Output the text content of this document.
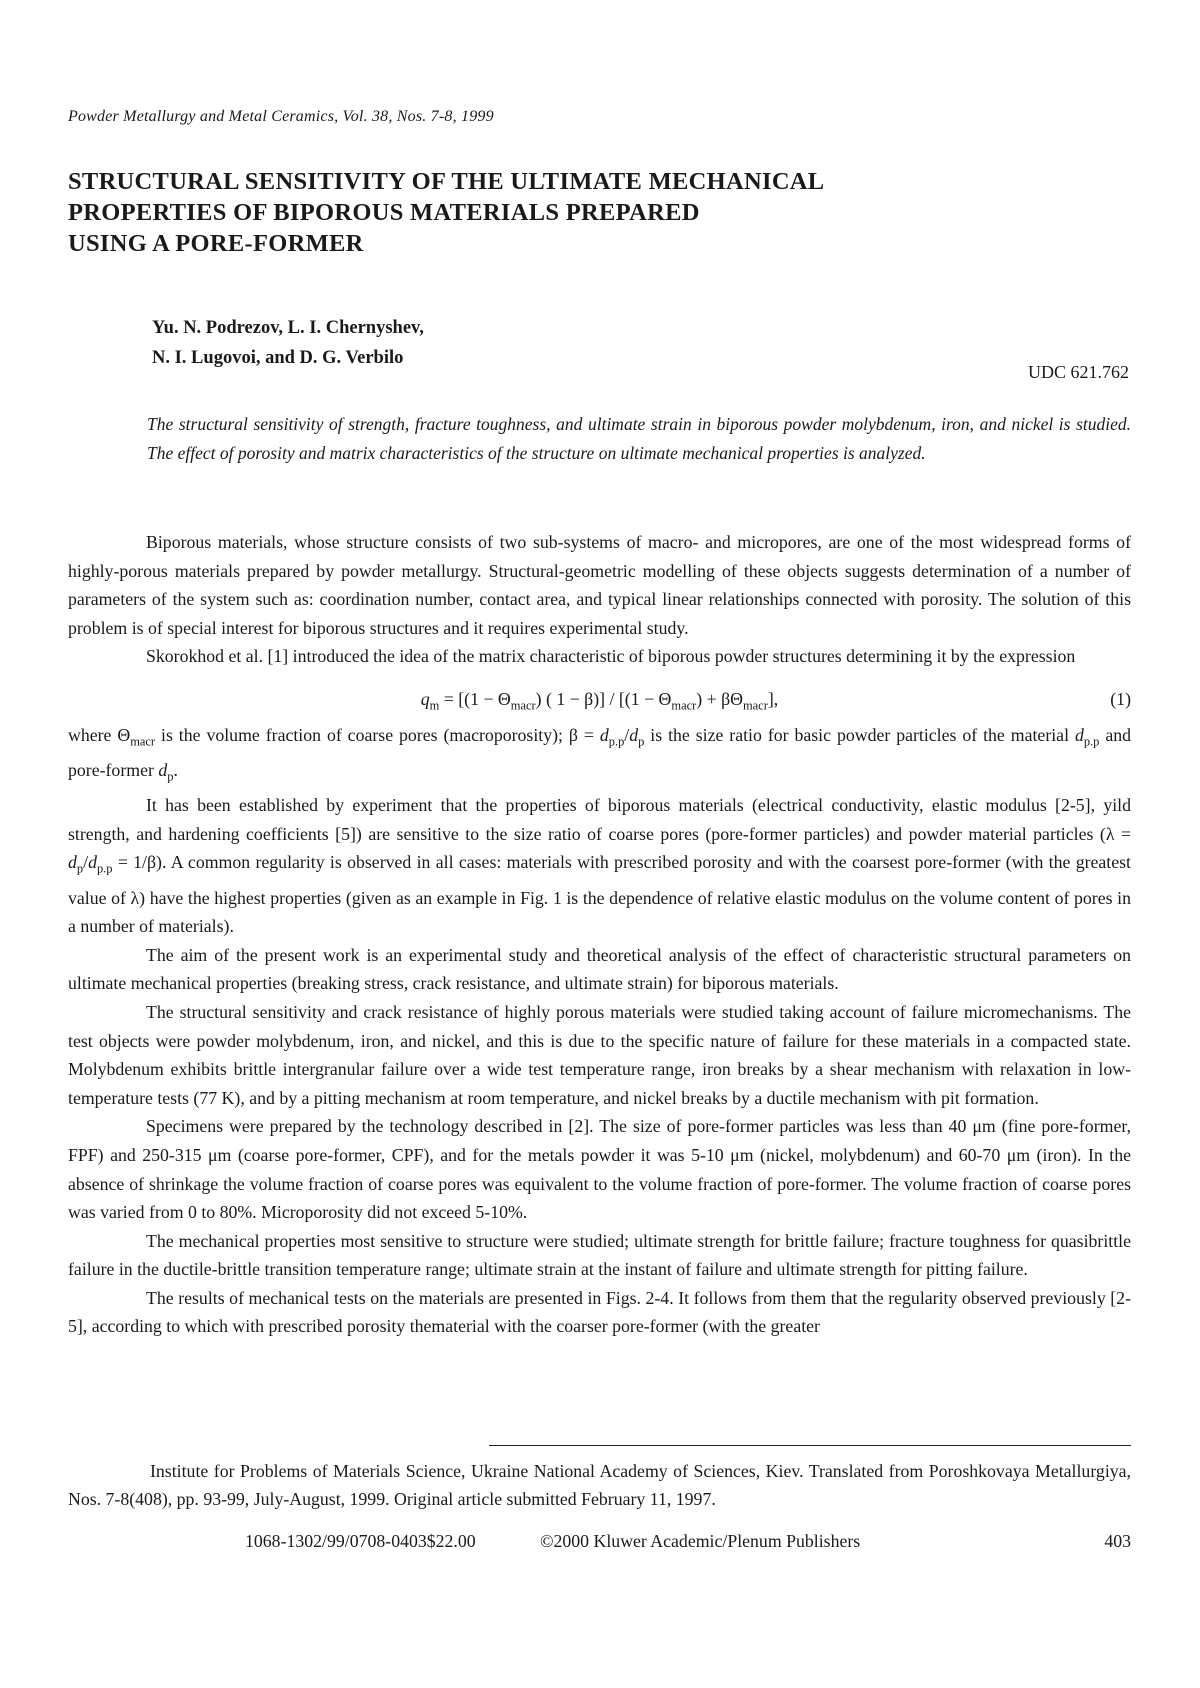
Powder Metallurgy and Metal Ceramics, Vol. 38, Nos. 7-8, 1999
STRUCTURAL SENSITIVITY OF THE ULTIMATE MECHANICAL
PROPERTIES OF BIPOROUS MATERIALS PREPARED
USING A PORE-FORMER
Yu. N. Podrezov, L. I. Chernyshev,
N. I. Lugovoi, and D. G. Verbilo
UDC 621.762

The structural sensitivity of strength, fracture toughness, and ultimate strain in biporous powder molybdenum, iron, and nickel is studied. The effect of porosity and matrix characteristics of the structure on ultimate mechanical properties is analyzed.

Biporous materials, whose structure consists of two sub-systems of macro- and micropores, are one of the most widespread forms of highly-porous materials prepared by powder metallurgy. Structural-geometric modelling of these objects suggests determination of a number of parameters of the system such as: coordination number, contact area, and typical linear relationships connected with porosity. The solution of this problem is of special interest for biporous structures and it requires experimental study.

Skorokhod et al. [1] introduced the idea of the matrix characteristic of biporous powder structures determining it by the expression

$q_m = [(1 - \Theta_{macr})$ ( $1 - \beta)] / [(1 - \Theta_{macr}) + \beta\Theta_{macr}]$,	(1)

where $\Theta_{macr}$ is the volume fraction of coarse pores (macroporosity); $\beta = d_{p.p}/d_p$ is the size ratio for basic powder particles of the material $d_{p.p}$ and pore-former $d_p$.

It has been established by experiment that the properties of biporous materials (electrical conductivity, elastic modulus [2-5], yild strength, and hardening coefficients [5]) are sensitive to the size ratio of coarse pores (pore-former particles) and powder material particles $(\lambda = d_p/d_{p.p} = 1/\beta)$. A common regularity is observed in all cases: materials with prescribed porosity and with the coarsest pore-former (with the greatest value of λ) have the highest properties (given as an example in Fig. 1 is the dependence of relative elastic modulus on the volume content of pores in a number of materials).

The aim of the present work is an experimental study and theoretical analysis of the effect of characteristic structural parameters on ultimate mechanical properties (breaking stress, crack resistance, and ultimate strain) for biporous materials.

The structural sensitivity and crack resistance of highly porous materials were studied taking account of failure micromechanisms. The test objects were powder molybdenum, iron, and nickel, and this is due to the specific nature of failure for these materials in a compacted state. Molybdenum exhibits brittle intergranular failure over a wide test temperature range, iron breaks by a shear mechanism with relaxation in low-temperature tests (77 K), and by a pitting mechanism at room temperature, and nickel breaks by a ductile mechanism with pit formation.

Specimens were prepared by the technology described in [2]. The size of pore-former particles was less than 40 μm (fine pore-former, FPF) and 250-315 μm (coarse pore-former, CPF), and for the metals powder it was 5-10 μm (nickel, molybdenum) and 60-70 μm (iron). In the absence of shrinkage the volume fraction of coarse pores was equivalent to the volume fraction of pore-former. The volume fraction of coarse pores was varied from 0 to 80%. Microporosity did not exceed 5-10%.

The mechanical properties most sensitive to structure were studied; ultimate strength for brittle failure; fracture toughness for quasibrittle failure in the ductile-brittle transition temperature range; ultimate strain at the instant of failure and ultimate strength for pitting failure.

The results of mechanical tests on the materials are presented in Figs. 2-4. It follows from them that the regularity observed previously [2-5], according to which with prescribed porosity thematerial with the coarser pore-former (with the greater

Institute for Problems of Materials Science, Ukraine National Academy of Sciences, Kiev. Translated from Poroshkovaya Metallurgiya, Nos. 7-8(408), pp. 93-99, July-August, 1999. Original article submitted February 11, 1997.

1068-1302/99/0708-0403$22.00	©2000 Kluwer Academic/Plenum Publishers	403
